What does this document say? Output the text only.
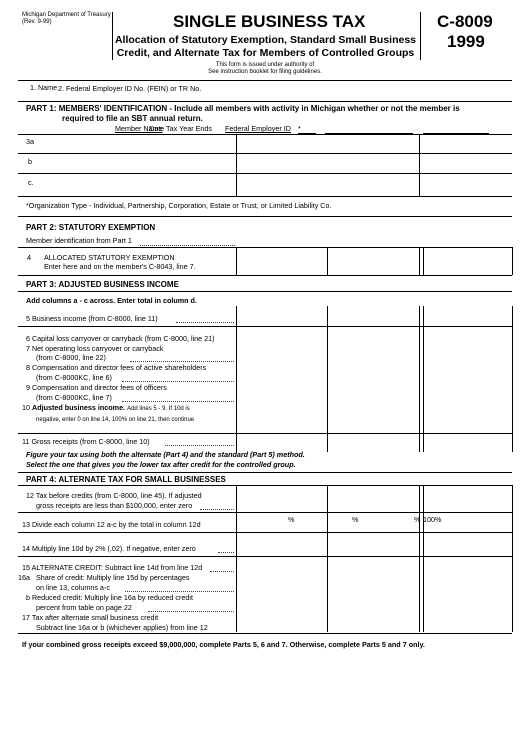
Michigan Department of Treasury
(Rev. 9-99)	SINGLE BUSINESS TAX
Allocation of Statutory Exemption, Standard Small Business
Credit, and Alternate Tax for Members of Controlled Groups
This form is issued under authority of
See instruction booklet for filing guidelines.
C-8009
1999
1. Name 2. Federal Employer ID No. (FEIN) or TR No.
PART 1: MEMBERS' IDENTIFICATION - Include all members with activity in Michigan whether or not the member is
required to file an SBT annual return.
Member Name
Date Tax Year Ends Federal Employer ID *
3a
b
c.
*Organization Type - Individual, Partnership, Corporation, Estate or Trust, or Limited Liability Co.
PART 2: STATUTORY EXEMPTION
Member identification from Part 1
4 ALLOCATED STATUTORY EXEMPTION
Enter here and on the member's C-8043, line 7.
PART 3: ADJUSTED BUSINESS INCOME
Add columns a - c across. Enter total in column d.
5 Business income (from C-8000, line 11)
6 Capital loss carryover or carryback (from C-8000, line 21)
7 Net operating loss carryover or carryback
(from C-8000, line 22)
8 Compensation and director fees of active shareholders
(from C-8000KC, line 6)
9 Compensation and director fees of officers
(from C-8000KC, line 7)
10 Adjusted business income. Add lines 5 - 9. If 10d is
negative, enter 0 on line 14, 100% on line 21, then continue
11 Gross receipts (from C-8000, line 10)
Figure your tax using both the alternate (Part 4) and the standard (Part 5) method.
Select the one that gives you the lower tax after credit for the controlled group.
PART 4: ALTERNATE TAX FOR SMALL BUSINESSES
12 Tax before credits (from C-8000, line 45). If adjusted
gross receipts are less than $100,000, enter zero
13 Divide each column 12 a-c by the total in column 12d
%	%	% 100%
14 Multiply line 10d by 2% (.02). If negative, enter zero
15 ALTERNATE CREDIT: Subtract line 14d from line 12d
16a Share of credit: Multiply line 15d by percentages
on line 13, columns a-c
b Reduced credit: Multiply line 16a by reduced credit
percent from table on page 22
17 Tax after alternate small business credit
Subtract line 16a or b (whichever applies) from line 12
If your combined gross receipts exceed $9,000,000, complete Parts 5, 6 and 7. Otherwise, complete Parts 5 and 7 only.
